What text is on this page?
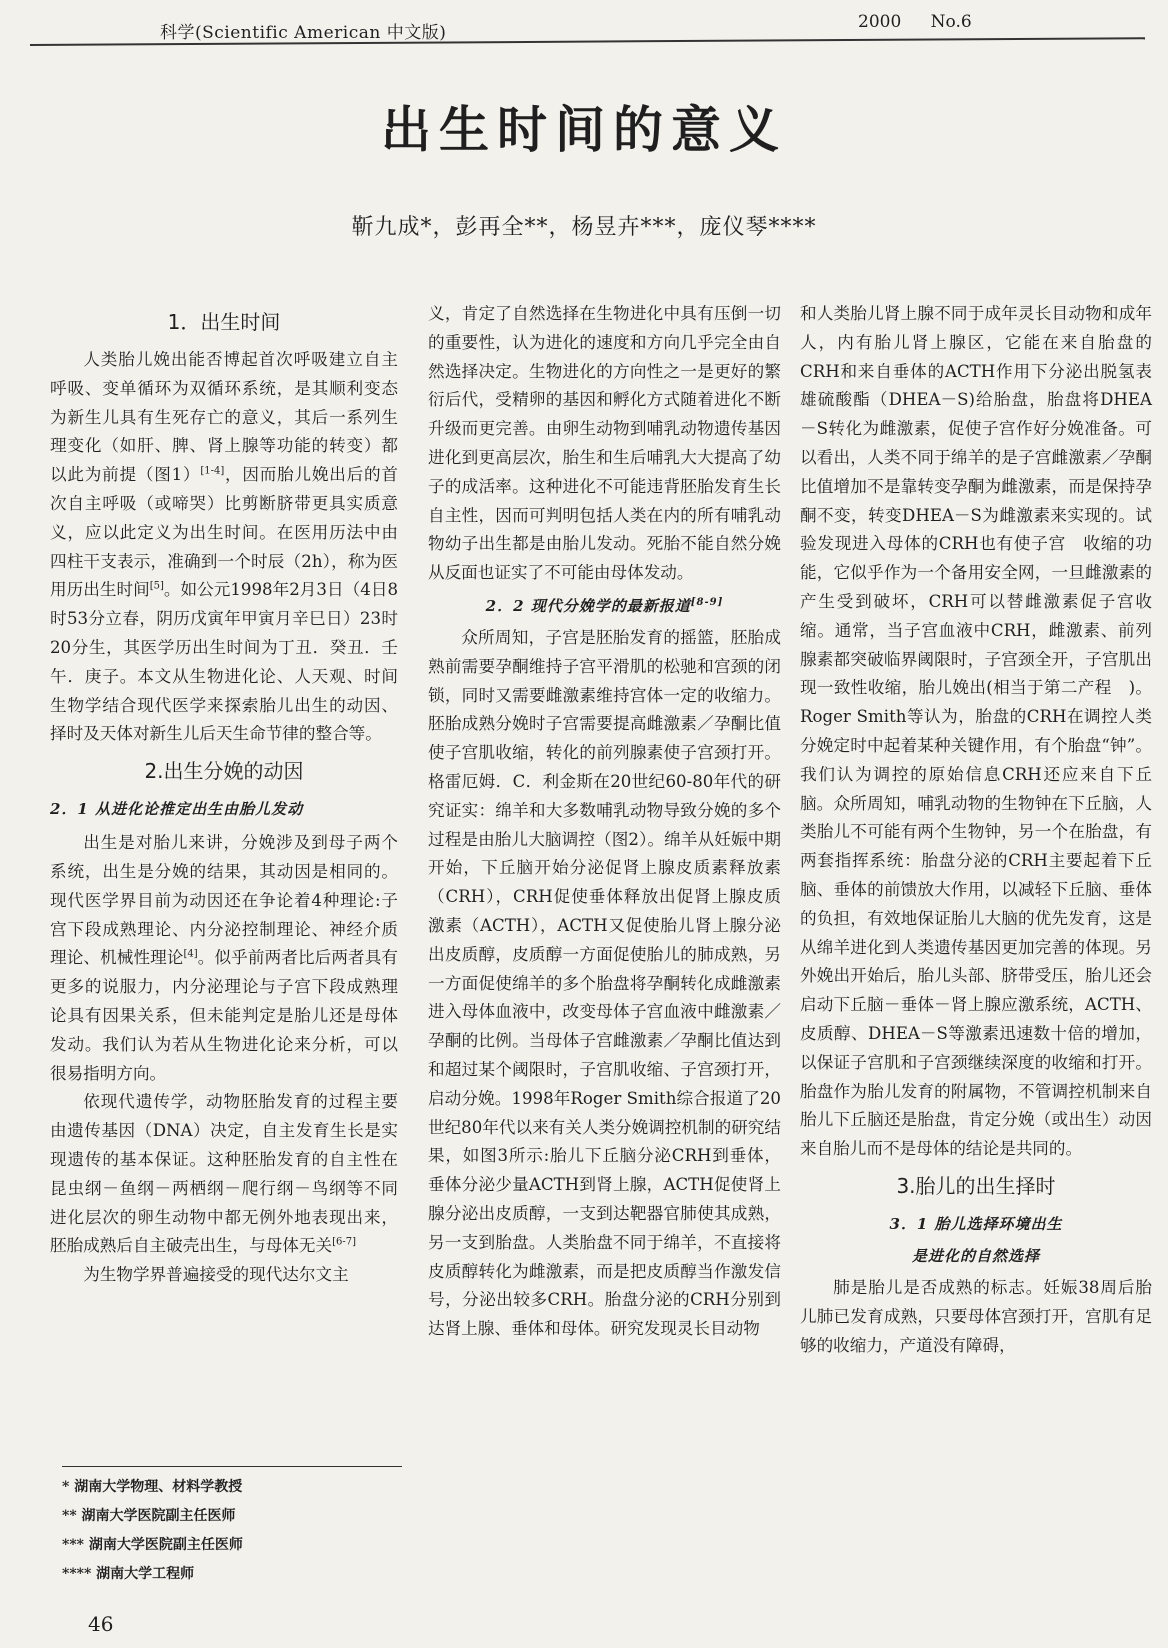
科学(Scientific American 中文版)
2000 No.6
出生时间的意义
靳九成*，彭再全**，杨昱卉***，庞仪琴****
1．出生时间

人类胎儿娩出能否博起首次呼吸建立自主呼吸、变单循环为双循环系统，是其顺利变态为新生儿具有生死存亡的意义，其后一系列生理变化（如肝、脾、肾上腺等功能的转变）都以此为前提（图1）[1-4]，因而胎儿娩出后的首次自主呼吸（或啼哭）比剪断脐带更具实质意义，应以此定义为出生时间。在医用历法中由四柱干支表示，准确到一个时辰（2h），称为医用历出生时间[5]。如公元1998年2月3日（4日8时53分立春，阴历戊寅年甲寅月辛巳日）23时20分生，其医学历出生时间为丁丑．癸丑．壬午．庚子。本文从生物进化论、人天观、时间生物学结合现代医学来探索胎儿出生的动因、择时及天体对新生儿后天生命节律的整合等。

2.出生分娩的动因
2．1 从进化论推定出生由胎儿发动

出生是对胎儿来讲，分娩涉及到母子两个系统，出生是分娩的结果，其动因是相同的。现代医学界目前为动因还在争论着4种理论:子宫下段成熟理论、内分泌控制理论、神经介质理论、机械性理论[4]。似乎前两者比后两者具有更多的说服力，内分泌理论与子宫下段成熟理论具有因果关系，但未能判定是胎儿还是母体发动。我们认为若从生物进化论来分析，可以很易指明方向。

依现代遗传学，动物胚胎发育的过程主要由遗传基因（DNA）决定，自主发育生长是实现遗传的基本保证。这种胚胎发育的自主性在昆虫纲－鱼纲－两栖纲－爬行纲－鸟纲等不同进化层次的卵生动物中都无例外地表现出来，胚胎成熟后自主破壳出生，与母体无关[6-7]

为生物学界普遍接受的现代达尔文主

义，肯定了自然选择在生物进化中具有压倒一切的重要性，认为进化的速度和方向几乎完全由自然选择决定。生物进化的方向性之一是更好的繁衍后代，受精卵的基因和孵化方式随着进化不断升级而更完善。由卵生动物到哺乳动物遗传基因进化到更高层次，胎生和生后哺乳大大提高了幼子的成活率。这种进化不可能违背胚胎发育生长自主性，因而可判明包括人类在内的所有哺乳动物幼子出生都是由胎儿发动。死胎不能自然分娩从反面也证实了不可能由母体发动。

2．2 现代分娩学的最新报道[8-9]

众所周知，子宫是胚胎发育的摇篮，胚胎成熟前需要孕酮维持子宫平滑肌的松驰和宫颈的闭锁，同时又需要雌激素维持宫体一定的收缩力。胚胎成熟分娩时子宫需要提高雌激素／孕酮比值使子宫肌收缩，转化的前列腺素使子宫颈打开。格雷厄姆．C．利金斯在20世纪60-80年代的研究证实：绵羊和大多数哺乳动物导致分娩的多个过程是由胎儿大脑调控（图2）。绵羊从妊娠中期开始，下丘脑开始分泌促肾上腺皮质素释放素（CRH），CRH促使垂体释放出促肾上腺皮质激素（ACTH），ACTH又促使胎儿肾上腺分泌出皮质醇，皮质醇一方面促使胎儿的肺成熟，另一方面促使绵羊的多个胎盘将孕酮转化成雌激素进入母体血液中，改变母体子宫血液中雌激素／孕酮的比例。当母体子宫雌激素／孕酮比值达到和超过某个阈限时，子宫肌收缩、子宫颈打开，启动分娩。1998年Roger Smith综合报道了20世纪80年代以来有关人类分娩调控机制的研究结果，如图3所示:胎儿下丘脑分泌CRH到垂体，垂体分泌少量ACTH到肾上腺，ACTH促使肾上腺分泌出皮质醇，一支到达靶器官肺使其成熟，另一支到胎盘。人类胎盘不同于绵羊，不直接将皮质醇转化为雌激素，而是把皮质醇当作激发信号，分泌出较多CRH。胎盘分泌的CRH分别到达肾上腺、垂体和母体。研究发现灵长目动物

和人类胎儿肾上腺不同于成年灵长目动物和成年人，内有胎儿肾上腺区，它能在来自胎盘的CRH和来自垂体的ACTH作用下分泌出脱氢表雄硫酸酯（DHEA－S)给胎盘，胎盘将DHEA－S转化为雌激素，促使子宫作好分娩准备。可以看出，人类不同于绵羊的是子宫雌激素／孕酮比值增加不是靠转变孕酮为雌激素，而是保持孕酮不变，转变DHEA－S为雌激素来实现的。试验发现进入母体的CRH也有使子宫　收缩的功能，它似乎作为一个备用安全网，一旦雌激素的产生受到破坏，CRH可以替雌激素促子宫收缩。通常，当子宫血液中CRH，雌激素、前列腺素都突破临界阈限时，子宫颈全开，子宫肌出现一致性收缩，胎儿娩出(相当于第二产程　)。Roger Smith等认为，胎盘的CRH在调控人类分娩定时中起着某种关键作用，有个胎盘“钟”。我们认为调控的原始信息CRH还应来自下丘脑。众所周知，哺乳动物的生物钟在下丘脑，人类胎儿不可能有两个生物钟，另一个在胎盘，有两套指挥系统：胎盘分泌的CRH主要起着下丘脑、垂体的前馈放大作用，以减轻下丘脑、垂体的负担，有效地保证胎儿大脑的优先发育，这是从绵羊进化到人类遗传基因更加完善的体现。另外娩出开始后，胎儿头部、脐带受压，胎儿还会启动下丘脑－垂体－肾上腺应激系统，ACTH、皮质醇、DHEA－S等激素迅速数十倍的增加，以保证子宫肌和子宫颈继续深度的收缩和打开。胎盘作为胎儿发育的附属物，不管调控机制来自胎儿下丘脑还是胎盘，肯定分娩（或出生）动因来自胎儿而不是母体的结论是共同的。

3.胎儿的出生择时
3．1 胎儿选择环境出生
是进化的自然选择

肺是胎儿是否成熟的标志。妊娠38周后胎儿肺已发育成熟，只要母体宫颈打开，宫肌有足够的收缩力，产道没有障碍，

* 湖南大学物理、材料学教授
** 湖南大学医院副主任医师
*** 湖南大学医院副主任医师
**** 湖南大学工程师
46
